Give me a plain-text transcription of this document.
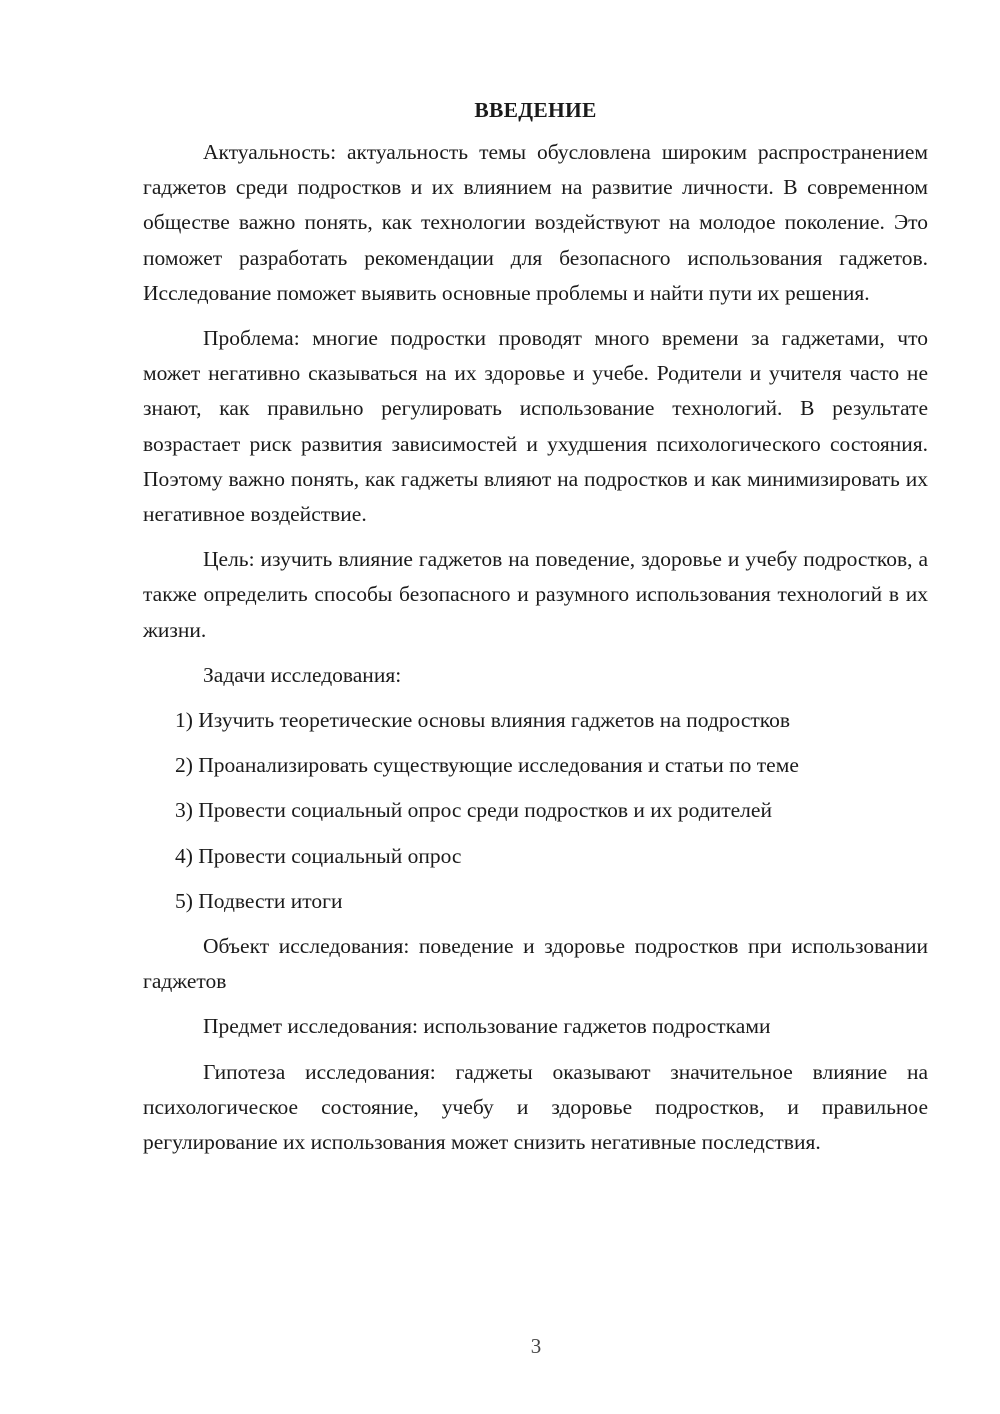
ВВЕДЕНИЕ

Актуальность: актуальность темы обусловлена широким распространением гаджетов среди подростков и их влиянием на развитие личности. В современном обществе важно понять, как технологии воздействуют на молодое поколение. Это поможет разработать рекомендации для безопасного использования гаджетов. Исследование поможет выявить основные проблемы и найти пути их решения.

Проблема: многие подростки проводят много времени за гаджетами, что может негативно сказываться на их здоровье и учебе. Родители и учителя часто не знают, как правильно регулировать использование технологий. В результате возрастает риск развития зависимостей и ухудшения психологического состояния. Поэтому важно понять, как гаджеты влияют на подростков и как минимизировать их негативное воздействие.

Цель: изучить влияние гаджетов на поведение, здоровье и учебу подростков, а также определить способы безопасного и разумного использования технологий в их жизни.

Задачи исследования:

1) Изучить теоретические основы влияния гаджетов на подростков
2) Проанализировать существующие исследования и статьи по теме
3) Провести социальный опрос среди подростков и их родителей
4) Провести социальный опрос
5) Подвести итоги

Объект исследования: поведение и здоровье подростков при использовании гаджетов

Предмет исследования: использование гаджетов подростками

Гипотеза исследования: гаджеты оказывают значительное влияние на психологическое состояние, учебу и здоровье подростков, и правильное регулирование их использования может снизить негативные последствия.

3
